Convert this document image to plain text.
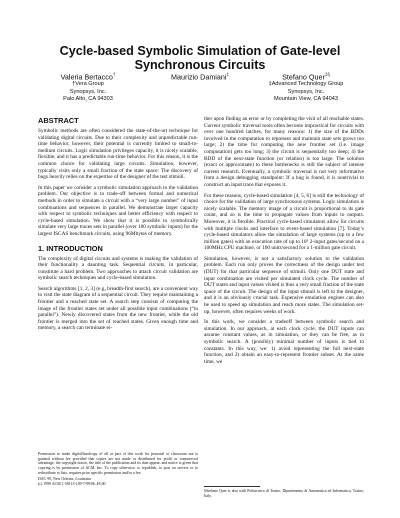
Cycle-based Symbolic Simulation of Gate-level Synchronous Circuits
Valeria Bertacco†
†Vera Group
Synopsys, Inc.
Palo Alto, CA 94303
Maurizio Damiani‡	Stefano Quer‡§
‡Advanced Technology Group
Synopsys, Inc.
Mountain View, CA 94043
ABSTRACT

Symbolic methods are often considered the state-of-the-art technique for validating digital circuits. Due to their complexity and unpredictable run-time behavior, however, their potential is currently limited to small-to-medium circuits. Logic simulation privileges capacity, it is nicely scalable, flexible, and it has a predictable run-time behavior. For this reason, it is the common choice for validating large circuits. Simulation, however, typically visits only a small fraction of the state space: The discovery of bugs heavily relies on the expertise of the designer of the test stimuli.

In this paper we consider a symbolic simulation approach to the validation problem. Our objective is to trade-off between formal and numerical methods in order to simulate a circuit with a “very large number” of input combinations and sequences in parallel. We demonstrate larger capacity with respect to symbolic techniques and better efficiency with respect to cycle-based simulation. We show that it is possible to symbolically simulate very large traces sets in parallel (over 100 symbolic inputs) for the largest ISCAS benchmark circuits, using 96Mbytes of memory.

1. INTRODUCTION

The complexity of digital circuits and systems is making the validation of their functionality a daunting task. Sequential circuits, in particular, constitute a hard problem. Two approaches to attack circuit validation are symbolic search techniques and cycle-based simulation.

Search algorithms [1, 2, 3] (e.g, breadth-first search), are a convenient way to visit the state diagram of a sequential circuit. They require maintaining a frontier and a reached state set. A search step consists of computing the image of the frontier states set under all possible input combinations (“in parallel”). Newly discovered states from the new frontier, while the old frontier is merged into the set of reached states. Given enough time and memory, a search can terminate ei-

ther upon finding an error or by completing the visit of all reachable states. Current symbolic traversal tools often become impractical for circuits with over one hundred latches, for many reasons: 1) the size of the BDDs involved in the computation to represent and maintain state sets grows too large; 2) the time for computing the new frontier set (i.e. image computation) gets too long; 3) the circuit is sequentially too deep; 4) the BDD of the next-state function (or relation) is too large. The solution (exact or approximate) to these bottlenecks is still the subject of intense current research. Eventually, a symbolic traversal is not very informative from a design debugging standpoint: If a bug is found, it is nontrivial to construct an input trace that exposes it.

For these reasons, cycle-based simulation [4, 5, 6] is still the technology of choice for the validation of large synchronous systems. Logic simulation is nicely scalable. The memory image of a circuit is proportional to its gate count, and so is the time to propagate values from inputs to outputs. Moreover, it is flexible. Practical cycle-based simulators allow for circuits with multiple clocks and interface to event-based simulation [7]. Today’s cycle-based simulators allow the simulation of large systems (up to a few million gates) with an execution rate of up to 10⁵ 2-input gates/second on a 100MHz CPU machine, or 100 units/second for a 1-million gate circuit.

Simulation, however, is not a satisfactory solution to the validation problem. Each run only proves the correctness of the design under test (DUT) for that particular sequence of stimuli. Only one DUT state and input combination are visited per simulated clock cycle. The number of DUT states and input values visited is thus a very small fraction of the state space of the circuit. The design of the input stimuli is left to the designer, and it is an obviously crucial task. Expensive emulation engines can also be used to speed up simulation and reach more states. The simulation set-up, however, often requires weeks of work.

In this work, we consider a tradeoff between symbolic search and simulation. In our approach, at each clock cycle, the DUT inputs can assume constant values, as in simulation, or they can be free, as in symbolic search. A (possibly) minimal number of inputs is tied to constants. In this way, we: 1) avoid representing the full next-state function, and 2) obtain an easy-to-represent frontier subset. At the same time, we

Permission to make digital/hardcopy of all or part of this work for personal or classroom use is granted without fee provided that copies are not made or distributed for profit or commercial advantage, the copyright notice, the title of the publication and its date appear, and notice is given that copying is by permission of ACM, Inc. To copy otherwise, to republish, to post on servers or to redistribute to lists, requires prior specific permission and/or a fee.

DAC 99, New Orleans, Louisiana

(c) 1999 ACM 1-58113-109-7/99/06..$5.00

§Stefano Quer is also with Politecnico di Torino, Dipartimento di Automatica ed Informatica, Torino, Italy.
